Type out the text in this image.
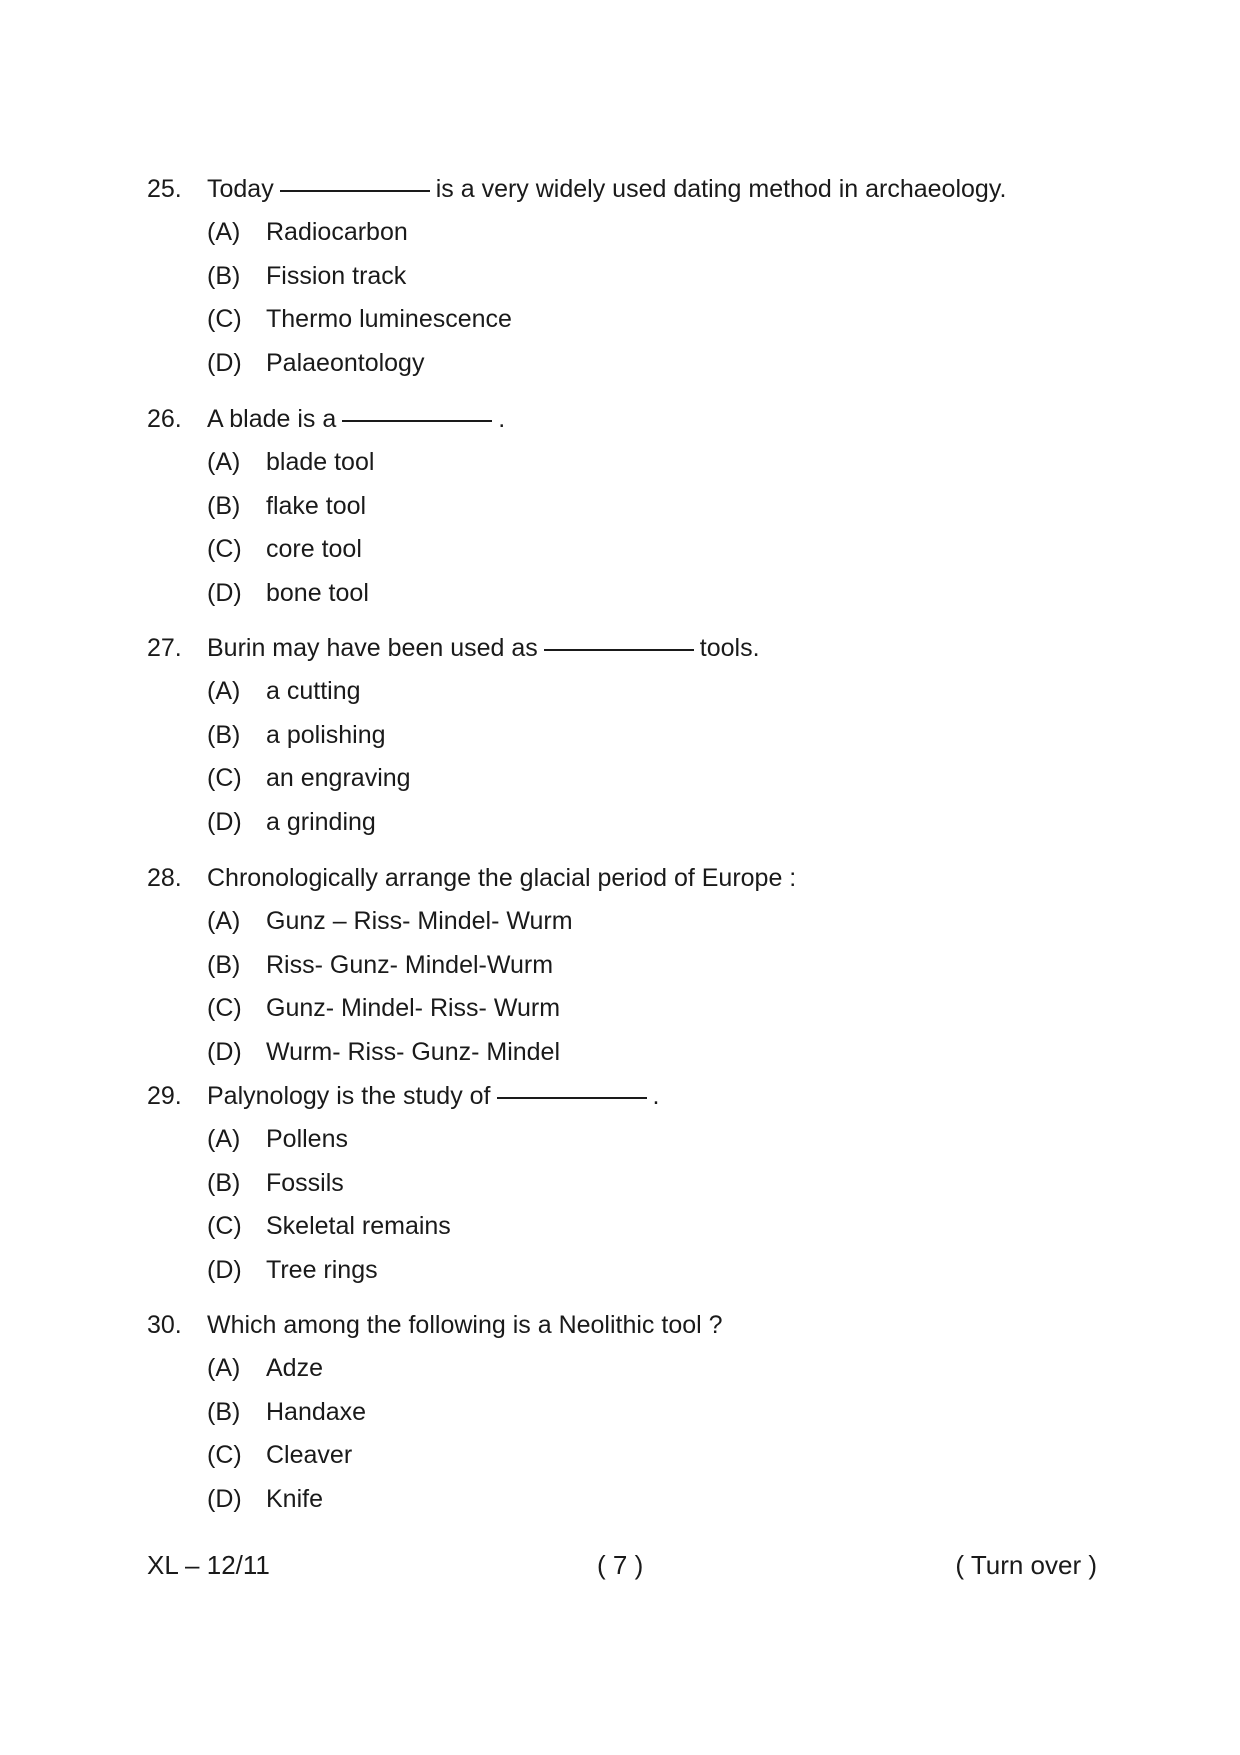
25. Today	is a very widely used dating method in archaeology.
(A) Radiocarbon
(B) Fission track
(C) Thermo luminescence
(D) Palaeontology
26. A blade is a	.
(A) blade tool
(B) flake tool
(C) core tool
(D) bone tool
27. Burin may have been used as	tools.
(A) a cutting
(B) a polishing
(C) an engraving
(D) a grinding
28. Chronologically arrange the glacial period of Europe :
(A) Gunz – Riss- Mindel- Wurm
(B) Riss- Gunz- Mindel-Wurm
(C) Gunz- Mindel- Riss- Wurm
(D) Wurm- Riss- Gunz- Mindel
29. Palynology is the study of	.
(A) Pollens
(B) Fossils
(C) Skeletal remains
(D) Tree rings
30. Which among the following is a Neolithic tool ?
(A) Adze
(B) Handaxe
(C) Cleaver
(D) Knife
XL – 12/11	( 7 )	( Turn over )
